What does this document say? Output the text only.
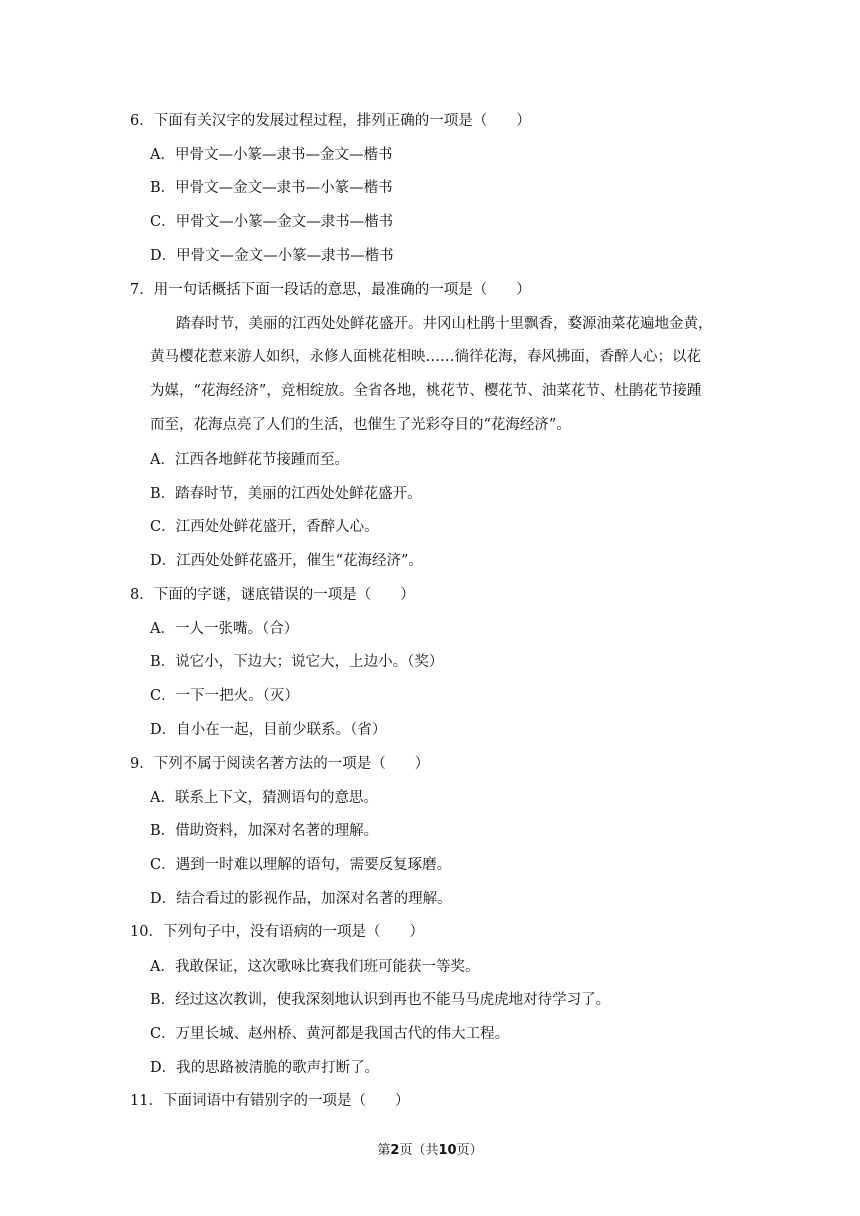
6．下面有关汉字的发展过程过程，排列正确的一项是（　　）
A．甲骨文—小篆—隶书—金文—楷书
B．甲骨文—金文—隶书—小篆—楷书
C．甲骨文—小篆—金文—隶书—楷书
D．甲骨文—金文—小篆—隶书—楷书
7．用一句话概括下面一段话的意思，最准确的一项是（　　）
踏春时节，美丽的江西处处鲜花盛开。井冈山杜鹃十里飘香，婺源油菜花遍地金黄，
黄马樱花惹来游人如织，永修人面桃花相映……徜徉花海，春风拂面，香醉人心；以花
为媒，“花海经济”，竞相绽放。全省各地，桃花节、樱花节、油菜花节、杜鹃花节接踵
而至，花海点亮了人们的生活，也催生了光彩夺目的“花海经济”。
A．江西各地鲜花节接踵而至。
B．踏春时节，美丽的江西处处鲜花盛开。
C．江西处处鲜花盛开，香醉人心。
D．江西处处鲜花盛开，催生“花海经济”。
8．下面的字谜，谜底错误的一项是（　　）
A．一人一张嘴。（合）
B．说它小，下边大；说它大，上边小。（奖）
C．一下一把火。（灭）
D．自小在一起，目前少联系。（省）
9．下列不属于阅读名著方法的一项是（　　）
A．联系上下文，猜测语句的意思。
B．借助资料，加深对名著的理解。
C．遇到一时难以理解的语句，需要反复琢磨。
D．结合看过的影视作品，加深对名著的理解。
10．下列句子中，没有语病的一项是（　　）
A．我敢保证，这次歌咏比赛我们班可能获一等奖。
B．经过这次教训，使我深刻地认识到再也不能马马虎虎地对待学习了。
C．万里长城、赵州桥、黄河都是我国古代的伟大工程。
D．我的思路被清脆的歌声打断了。
11．下面词语中有错别字的一项是（　　）
第2页（共10页）
